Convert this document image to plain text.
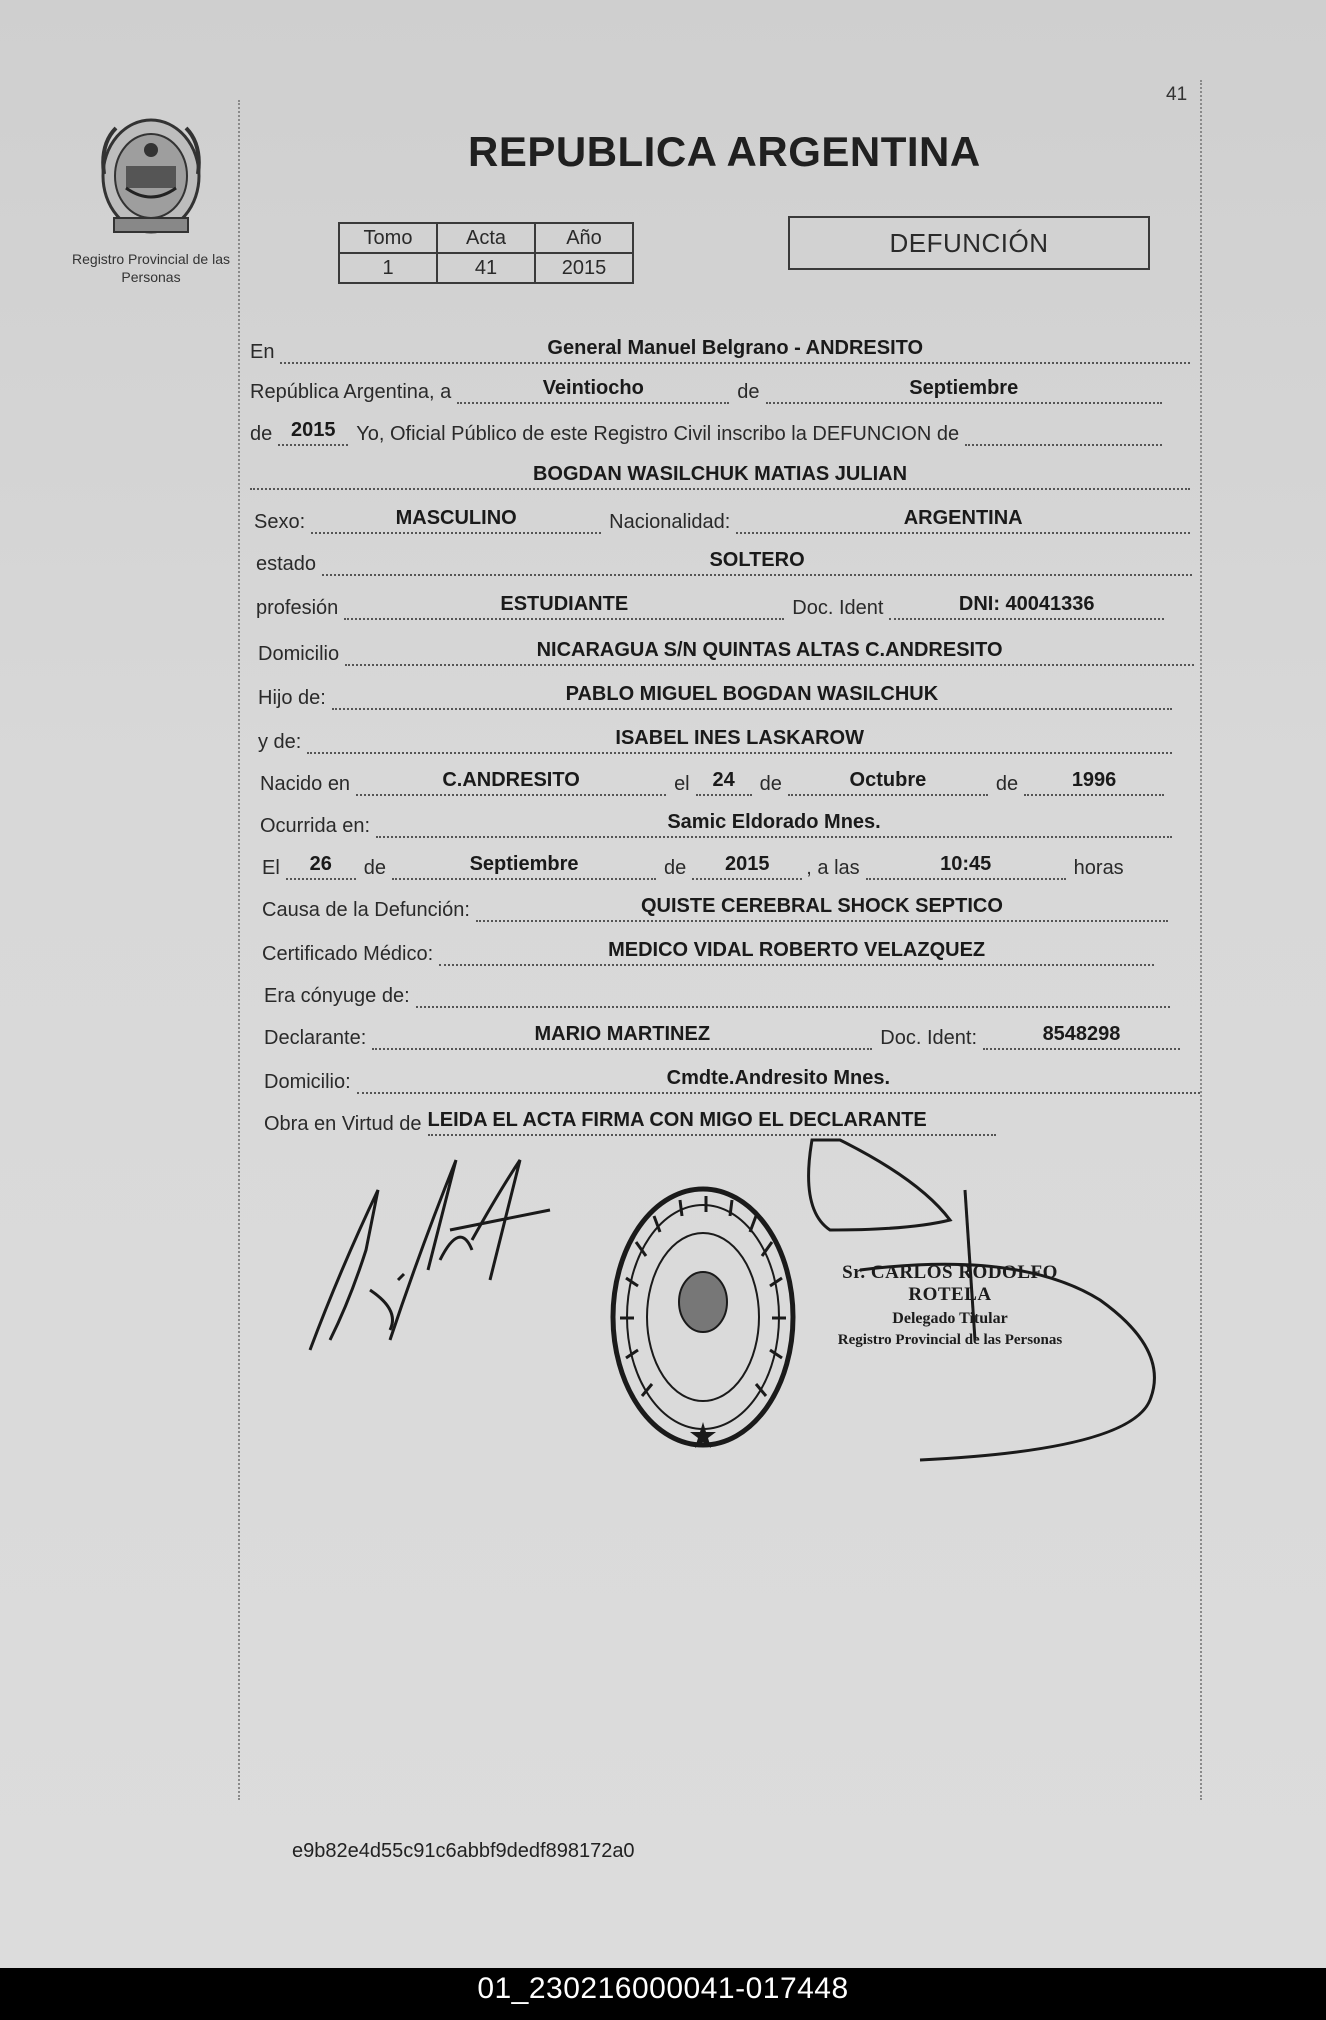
41
Registro Provincial de las Personas
REPUBLICA ARGENTINA
Tomo	Acta	Año
1	41	2015
DEFUNCIÓN
En	General Manuel Belgrano - ANDRESITO
República Argentina, a	Veintiocho	de	Septiembre
de 2015	Yo, Oficial Público de este Registro Civil inscribo la DEFUNCION de
BOGDAN WASILCHUK MATIAS JULIAN
Sexo:	MASCULINO	Nacionalidad:	ARGENTINA
estado	SOLTERO
profesión	ESTUDIANTE	Doc. Ident	DNI: 40041336
Domicilio	NICARAGUA S/N QUINTAS ALTAS C.ANDRESITO
Hijo de:	PABLO MIGUEL BOGDAN WASILCHUK
y de:	ISABEL INES LASKAROW
Nacido en	C.ANDRESITO	el	24	de	Octubre	de	1996
Ocurrida en:	Samic Eldorado Mnes.
El	26	de	Septiembre	de	2015	, a las	10:45	horas
Causa de la Defunción:	QUISTE CEREBRAL SHOCK SEPTICO
Certificado Médico:	MEDICO VIDAL ROBERTO VELAZQUEZ
Era cónyuge de:
Declarante:	MARIO MARTINEZ	Doc. Ident:	8548298
Domicilio:	Cmdte.Andresito Mnes.
Obra en Virtud de LEIDA EL ACTA FIRMA CON MIGO EL DECLARANTE
Sr. CARLOS RODOLFO ROTELA
Delegado Titular
Registro Provincial de las Personas
e9b82e4d55c91c6abbf9dedf898172a0
01_230216000041-017448
